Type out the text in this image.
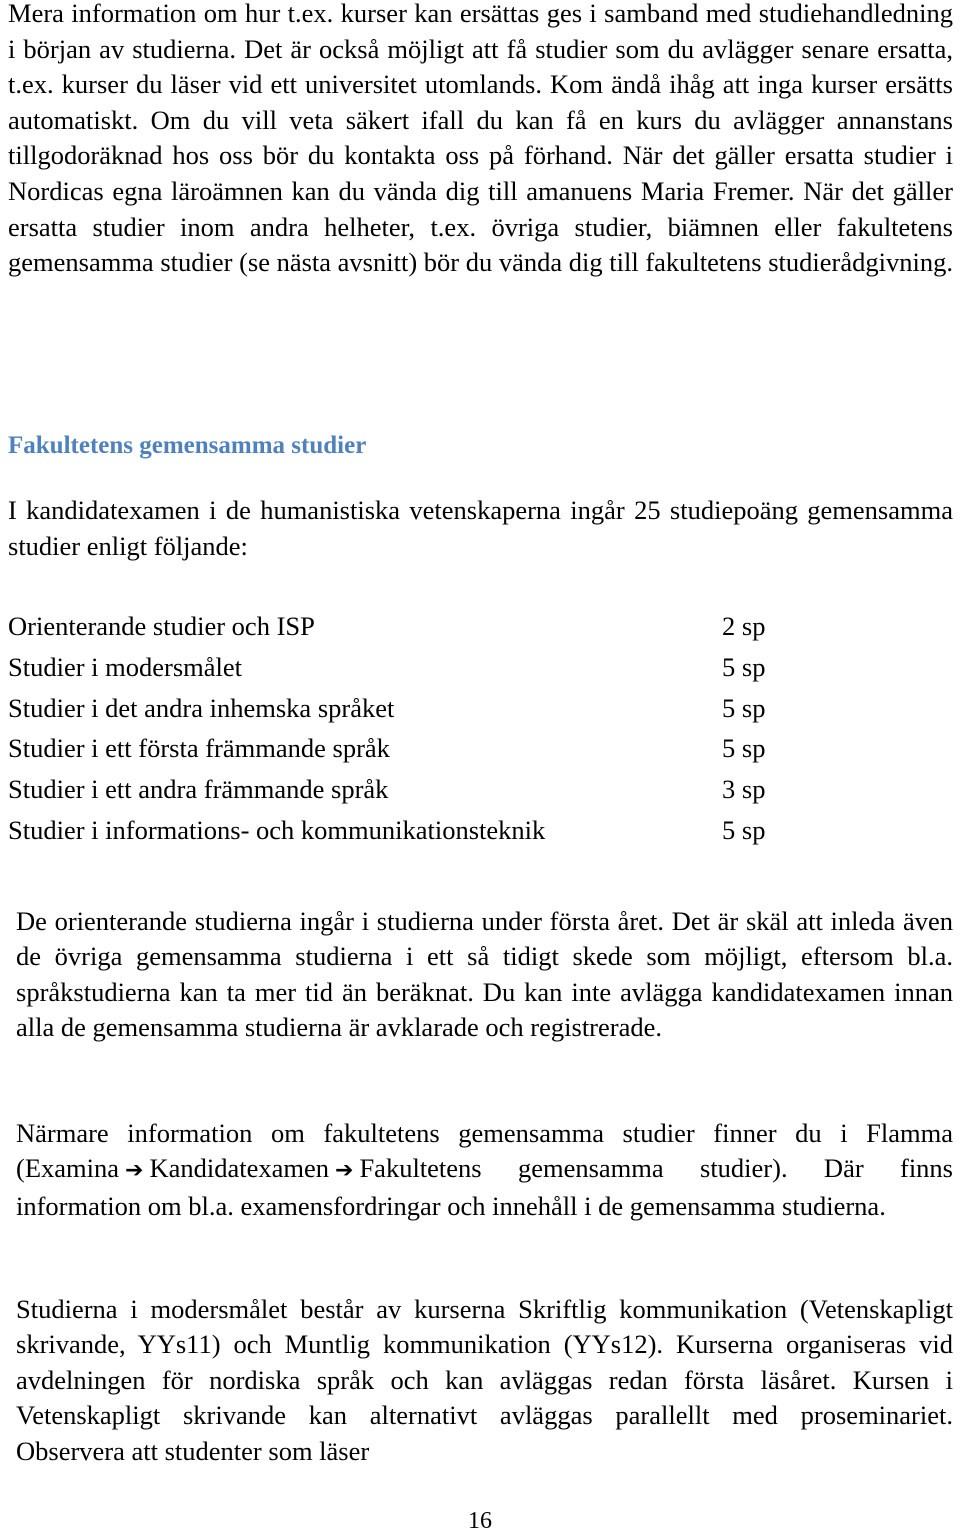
Mera information om hur t.ex. kurser kan ersättas ges i samband med studiehandledning i början av studierna. Det är också möjligt att få studier som du avlägger senare ersatta, t.ex. kurser du läser vid ett universitet utomlands. Kom ändå ihåg att inga kurser ersätts automatiskt. Om du vill veta säkert ifall du kan få en kurs du avlägger annanstans tillgodoräknad hos oss bör du kontakta oss på förhand. När det gäller ersatta studier i Nordicas egna läroämnen kan du vända dig till amanuens Maria Fremer. När det gäller ersatta studier inom andra helheter, t.ex. övriga studier, biämnen eller fakultetens gemensamma studier (se nästa avsnitt) bör du vända dig till fakultetens studierådgivning.

Fakultetens gemensamma studier

I kandidatexamen i de humanistiska vetenskaperna ingår 25 studiepoäng gemensamma studier enligt följande:

Orienterande studier och ISP	2 sp
Studier i modersmålet	5 sp
Studier i det andra inhemska språket	5 sp
Studier i ett första främmande språk	5 sp
Studier i ett andra främmande språk	3 sp
Studier i informations- och kommunikationsteknik	5 sp

De orienterande studierna ingår i studierna under första året. Det är skäl att inleda även de övriga gemensamma studierna i ett så tidigt skede som möjligt, eftersom bl.a. språkstudierna kan ta mer tid än beräknat. Du kan inte avlägga kandidatexamen innan alla de gemensamma studierna är avklarade och registrerade.

Närmare information om fakultetens gemensamma studier finner du i Flamma (Examina ➔ Kandidatexamen ➔ Fakultetens gemensamma studier). Där finns information om bl.a. examensfordringar och innehåll i de gemensamma studierna.

Studierna i modersmålet består av kurserna Skriftlig kommunikation (Vetenskapligt skrivande, YYs11) och Muntlig kommunikation (YYs12). Kurserna organiseras vid avdelningen för nordiska språk och kan avläggas redan första läsåret. Kursen i Vetenskapligt skrivande kan alternativt avläggas parallellt med proseminariet. Observera att studenter som läser

16
